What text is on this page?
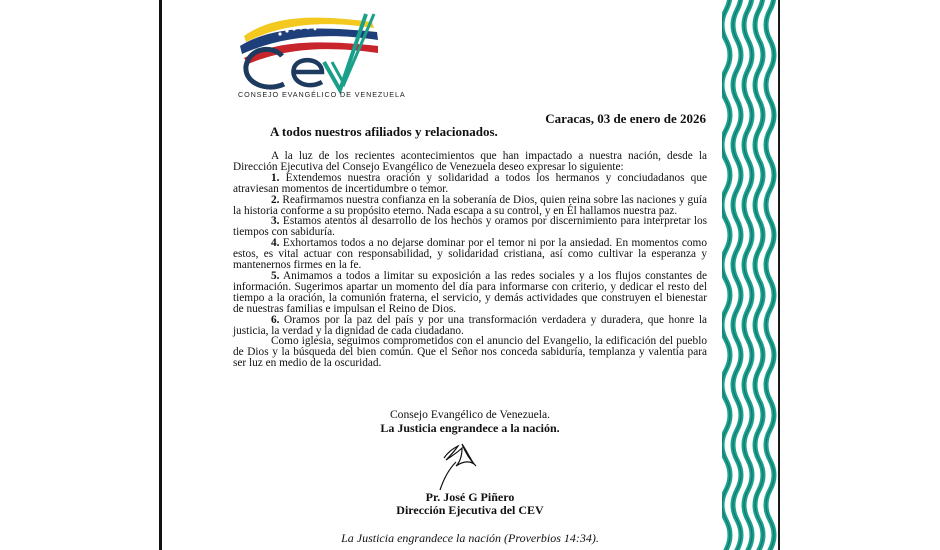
CONSEJO EVANGÉLICO DE VENEZUELA
Caracas, 03 de enero de 2026
A todos nuestros afiliados y relacionados.

A la luz de los recientes acontecimientos que han impactado a nuestra nación, desde la Dirección Ejecutiva del Consejo Evangélico de Venezuela deseo expresar lo siguiente:

1. Extendemos nuestra oración y solidaridad a todos los hermanos y conciudadanos que atraviesan momentos de incertidumbre o temor.

2. Reafirmamos nuestra confianza en la soberanía de Dios, quien reina sobre las naciones y guía la historia conforme a su propósito eterno. Nada escapa a su control, y en Él hallamos nuestra paz.

3. Estamos atentos al desarrollo de los hechos y oramos por discernimiento para interpretar los tiempos con sabiduría.

4. Exhortamos todos a no dejarse dominar por el temor ni por la ansiedad. En momentos como estos, es vital actuar con responsabilidad, y solidaridad cristiana, así como cultivar la esperanza y mantenernos firmes en la fe.

5. Animamos a todos a limitar su exposición a las redes sociales y a los flujos constantes de información. Sugerimos apartar un momento del día para informarse con criterio, y dedicar el resto del tiempo a la oración, la comunión fraterna, el servicio, y demás actividades que construyen el bienestar de nuestras familias e impulsan el Reino de Dios.

6. Oramos por la paz del país y por una transformación verdadera y duradera, que honre la justicia, la verdad y la dignidad de cada ciudadano.

Como iglesia, seguimos comprometidos con el anuncio del Evangelio, la edificación del pueblo de Dios y la búsqueda del bien común. Que el Señor nos conceda sabiduría, templanza y valentía para ser luz en medio de la oscuridad.

Consejo Evangélico de Venezuela.
La Justicia engrandece a la nación.
Pr. José G Piñero
Dirección Ejecutiva del CEV
La Justicia engrandece la nación (Proverbios 14:34).
